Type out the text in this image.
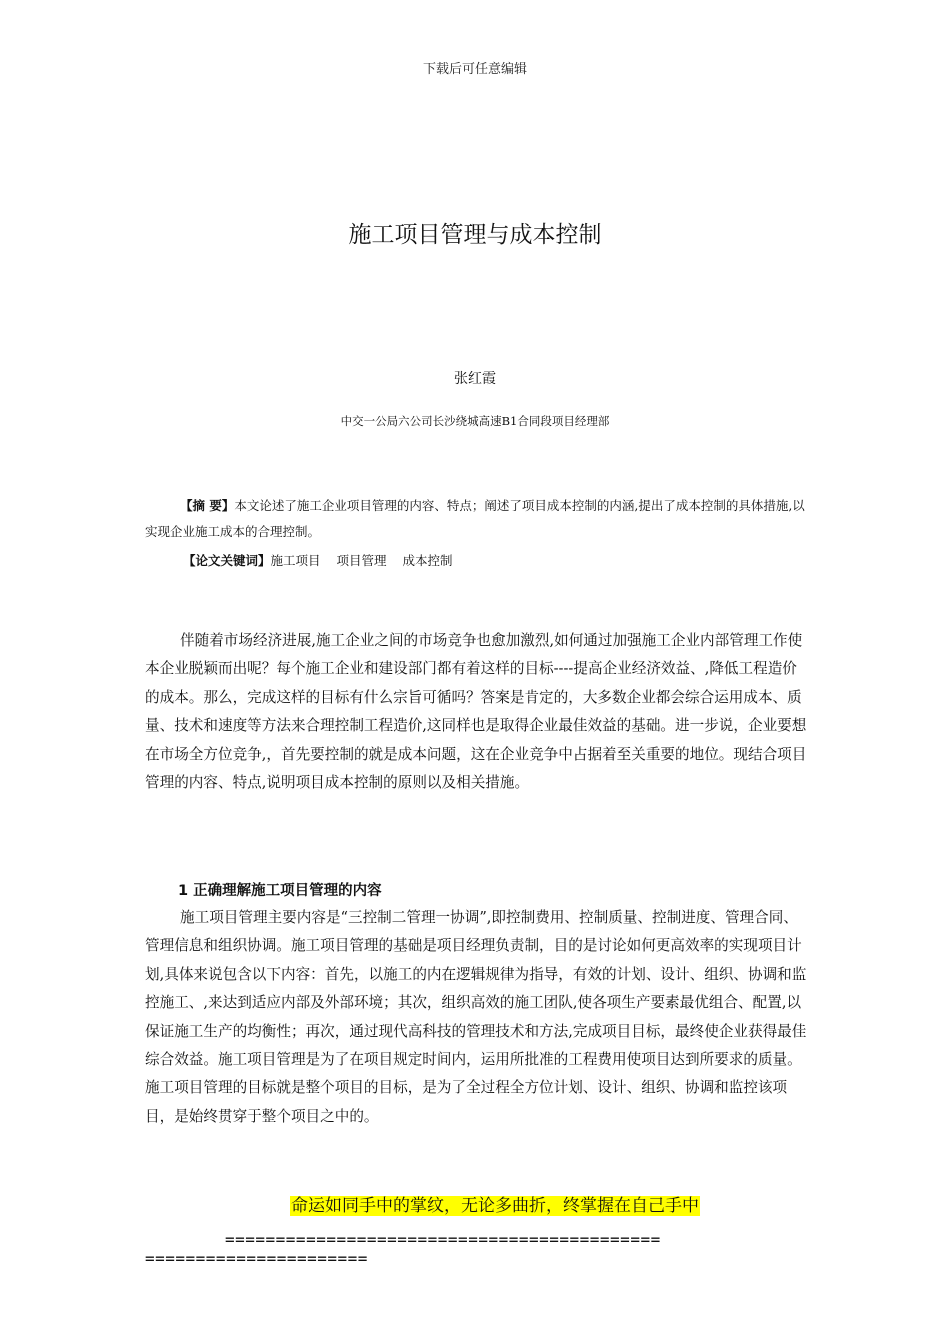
下载后可任意编辑
施工项目管理与成本控制
张红霞
中交一公局六公司长沙绕城高速B1合同段项目经理部
【摘 要】本文论述了施工企业项目管理的内容、特点；阐述了项目成本控制的内涵,提出了成本控制的具体措施,以实现企业施工成本的合理控制。
【论文关键词】施工项目 项目管理 成本控制
伴随着市场经济进展,施工企业之间的市场竞争也愈加激烈,如何通过加强施工企业内部管理工作使本企业脱颖而出呢？每个施工企业和建设部门都有着这样的目标----提高企业经济效益、,降低工程造价的成本。那么，完成这样的目标有什么宗旨可循吗？答案是肯定的，大多数企业都会综合运用成本、质量、技术和速度等方法来合理控制工程造价,这同样也是取得企业最佳效益的基础。进一步说，企业要想在市场全方位竞争,，首先要控制的就是成本问题，这在企业竞争中占据着至关重要的地位。现结合项目管理的内容、特点,说明项目成本控制的原则以及相关措施。
1 正确理解施工项目管理的内容
施工项目管理主要内容是“三控制二管理一协调”,即控制费用、控制质量、控制进度、管理合同、管理信息和组织协调。施工项目管理的基础是项目经理负责制，目的是讨论如何更高效率的实现项目计划,具体来说包含以下内容：首先，以施工的内在逻辑规律为指导，有效的计划、设计、组织、协调和监控施工、,来达到适应内部及外部环境；其次，组织高效的施工团队,使各项生产要素最优组合、配置,以保证施工生产的均衡性；再次，通过现代高科技的管理技术和方法,完成项目目标，最终使企业获得最佳综合效益。施工项目管理是为了在项目规定时间内，运用所批准的工程费用使项目达到所要求的质量。施工项目管理的目标就是整个项目的目标，是为了全过程全方位计划、设计、组织、协调和监控该项目，是始终贯穿于整个项目之中的。
命运如同手中的掌纹，无论多曲折，终掌握在自己手中
===========================================
======================
